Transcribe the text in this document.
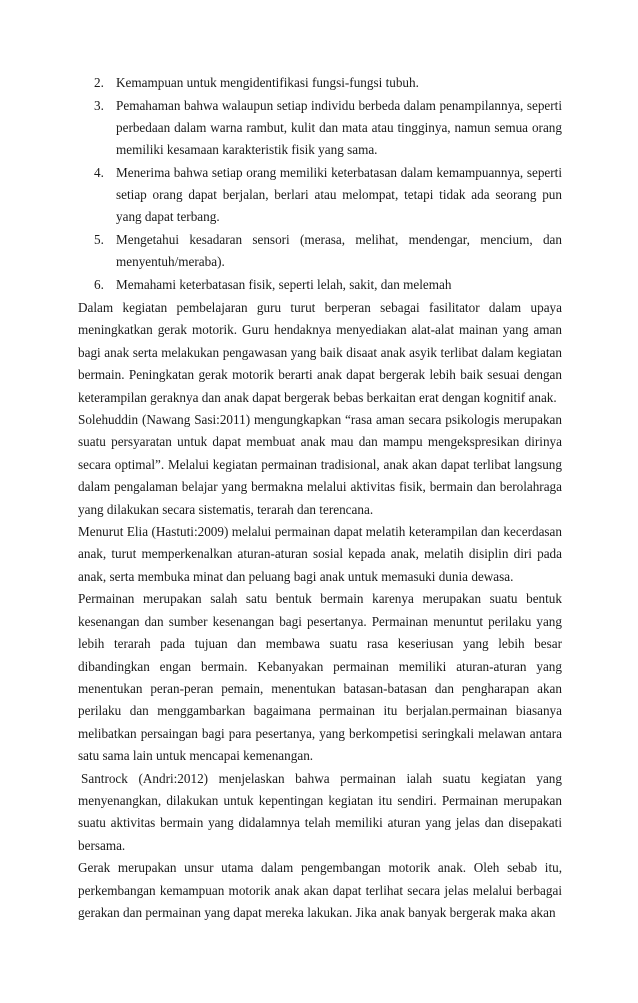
2. Kemampuan untuk mengidentifikasi fungsi-fungsi tubuh.
3. Pemahaman bahwa walaupun setiap individu berbeda dalam penampilannya, seperti perbedaan dalam warna rambut, kulit dan mata atau tingginya, namun semua orang memiliki kesamaan karakteristik fisik yang sama.
4. Menerima bahwa setiap orang memiliki keterbatasan dalam kemampuannya, seperti setiap orang dapat berjalan, berlari atau melompat, tetapi tidak ada seorang pun yang dapat terbang.
5. Mengetahui kesadaran sensori (merasa, melihat, mendengar, mencium, dan menyentuh/meraba).
6. Memahami keterbatasan fisik, seperti lelah, sakit, dan melemah

Dalam kegiatan pembelajaran guru turut berperan sebagai fasilitator dalam upaya meningkatkan gerak motorik. Guru hendaknya menyediakan alat-alat mainan yang aman bagi anak serta melakukan pengawasan yang baik disaat anak asyik terlibat dalam kegiatan bermain. Peningkatan gerak motorik berarti anak dapat bergerak lebih baik sesuai dengan keterampilan geraknya dan anak dapat bergerak bebas berkaitan erat dengan kognitif anak.

Solehuddin (Nawang Sasi:2011) mengungkapkan “rasa aman secara psikologis merupakan suatu persyaratan untuk dapat membuat anak mau dan mampu mengekspresikan dirinya secara optimal”. Melalui kegiatan permainan tradisional, anak akan dapat terlibat langsung dalam pengalaman belajar yang bermakna melalui aktivitas fisik, bermain dan berolahraga yang dilakukan secara sistematis, terarah dan terencana.

Menurut Elia (Hastuti:2009) melalui permainan dapat melatih keterampilan dan kecerdasan anak, turut memperkenalkan aturan-aturan sosial kepada anak, melatih disiplin diri pada anak, serta membuka minat dan peluang bagi anak untuk memasuki dunia dewasa.

Permainan merupakan salah satu bentuk bermain karenya merupakan suatu bentuk kesenangan dan sumber kesenangan bagi pesertanya. Permainan menuntut perilaku yang lebih terarah pada tujuan dan membawa suatu rasa keseriusan yang lebih besar dibandingkan engan bermain. Kebanyakan permainan memiliki aturan-aturan yang menentukan peran-peran pemain, menentukan batasan-batasan dan pengharapan akan perilaku dan menggambarkan bagaimana permainan itu berjalan.permainan biasanya melibatkan persaingan bagi para pesertanya, yang berkompetisi seringkali melawan antara satu sama lain untuk mencapai kemenangan.

Santrock (Andri:2012) menjelaskan bahwa permainan ialah suatu kegiatan yang menyenangkan, dilakukan untuk kepentingan kegiatan itu sendiri. Permainan merupakan suatu aktivitas bermain yang didalamnya telah memiliki aturan yang jelas dan disepakati bersama.

Gerak merupakan unsur utama dalam pengembangan motorik anak. Oleh sebab itu, perkembangan kemampuan motorik anak akan dapat terlihat secara jelas melalui berbagai gerakan dan permainan yang dapat mereka lakukan. Jika anak banyak bergerak maka akan
